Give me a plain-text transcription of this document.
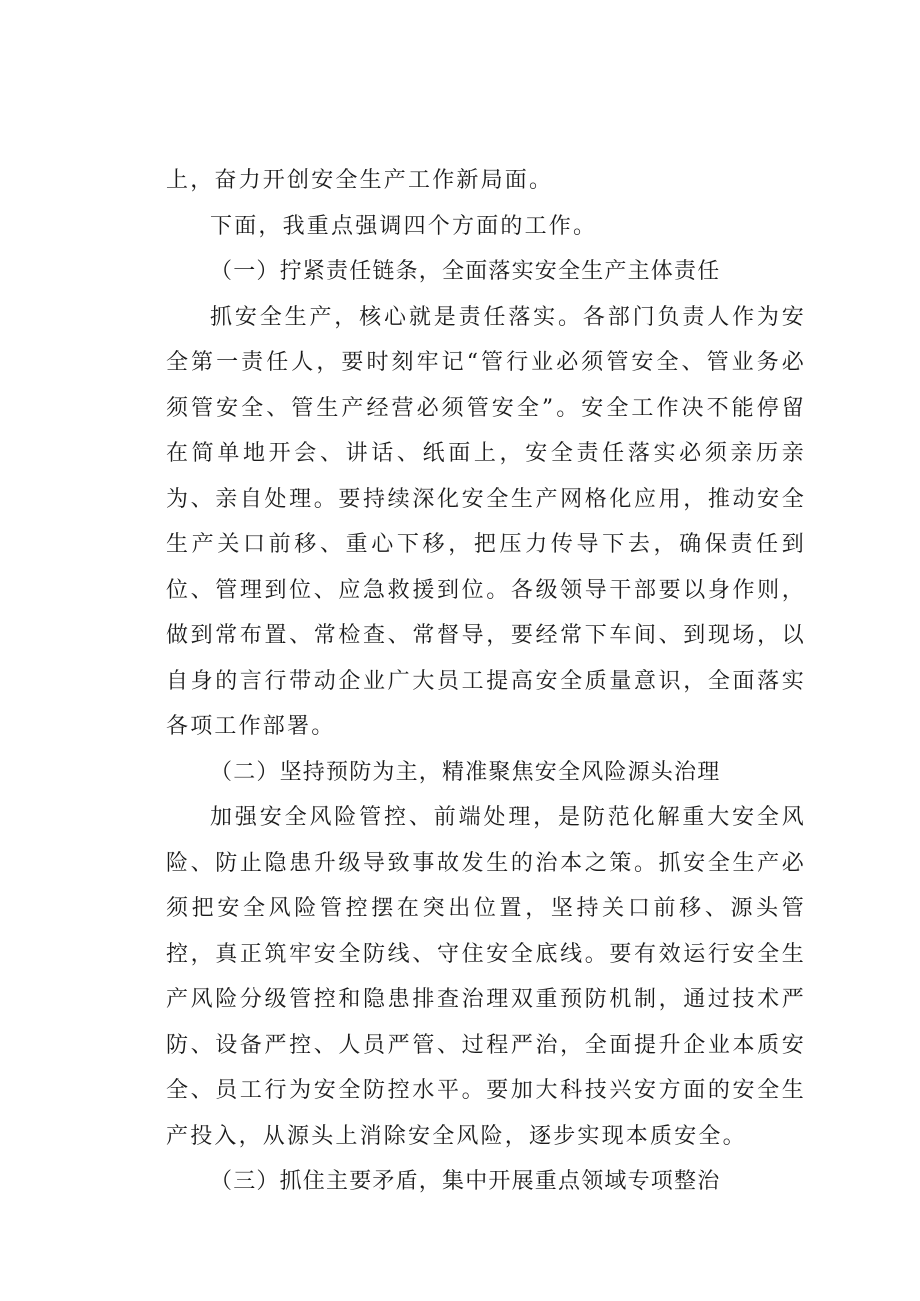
上，奋力开创安全生产工作新局面。

下面，我重点强调四个方面的工作。

（一）拧紧责任链条，全面落实安全生产主体责任

抓安全生产，核心就是责任落实。各部门负责人作为安全第一责任人，要时刻牢记“管行业必须管安全、管业务必须管安全、管生产经营必须管安全”。安全工作决不能停留在简单地开会、讲话、纸面上，安全责任落实必须亲历亲为、亲自处理。要持续深化安全生产网格化应用，推动安全生产关口前移、重心下移，把压力传导下去，确保责任到位、管理到位、应急救援到位。各级领导干部要以身作则，做到常布置、常检查、常督导，要经常下车间、到现场，以自身的言行带动企业广大员工提高安全质量意识，全面落实各项工作部署。

（二）坚持预防为主，精准聚焦安全风险源头治理

加强安全风险管控、前端处理，是防范化解重大安全风险、防止隐患升级导致事故发生的治本之策。抓安全生产必须把安全风险管控摆在突出位置，坚持关口前移、源头管控，真正筑牢安全防线、守住安全底线。要有效运行安全生产风险分级管控和隐患排查治理双重预防机制，通过技术严防、设备严控、人员严管、过程严治，全面提升企业本质安全、员工行为安全防控水平。要加大科技兴安方面的安全生产投入，从源头上消除安全风险，逐步实现本质安全。

（三）抓住主要矛盾，集中开展重点领域专项整治
